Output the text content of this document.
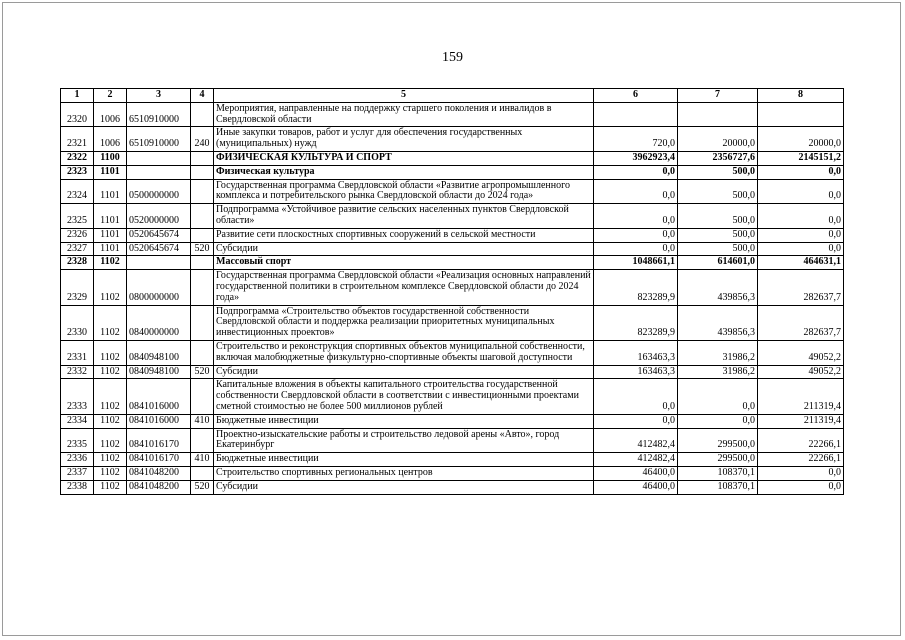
159
1	2	3	4	5	6	7	8
2320	1006	6510910000		Мероприятия, направленные на поддержку старшего поколения и инвалидов в Свердловской области			
2321	1006	6510910000	240	Иные закупки товаров, работ и услуг для обеспечения государственных (муниципальных) нужд	720,0	20000,0	20000,0
2322	1100			ФИЗИЧЕСКАЯ КУЛЬТУРА И СПОРТ	3962923,4	2356727,6	2145151,2
2323	1101			Физическая культура	0,0	500,0	0,0
2324	1101	0500000000		Государственная программа Свердловской области «Развитие агропромышленного комплекса и потребительского рынка Свердловской области до 2024 года»	0,0	500,0	0,0
2325	1101	0520000000		Подпрограмма «Устойчивое развитие сельских населенных пунктов Свердловской области»	0,0	500,0	0,0
2326	1101	0520645674		Развитие сети плоскостных спортивных сооружений в сельской местности	0,0	500,0	0,0
2327	1101	0520645674	520	Субсидии	0,0	500,0	0,0
2328	1102			Массовый спорт	1048661,1	614601,0	464631,1
2329	1102	0800000000		Государственная программа Свердловской области «Реализация основных направлений государственной политики в строительном комплексе Свердловской области до 2024 года»	823289,9	439856,3	282637,7
2330	1102	0840000000		Подпрограмма «Строительство объектов государственной собственности Свердловской области и поддержка реализации приоритетных муниципальных инвестиционных проектов»	823289,9	439856,3	282637,7
2331	1102	0840948100		Строительство и реконструкция спортивных объектов муниципальной собственности, включая малобюджетные физкультурно-спортивные объекты шаговой доступности	163463,3	31986,2	49052,2
2332	1102	0840948100	520	Субсидии	163463,3	31986,2	49052,2
2333	1102	0841016000		Капитальные вложения в объекты капитального строительства государственной собственности Свердловской области в соответствии с инвестиционными проектами сметной стоимостью не более 500 миллионов рублей	0,0	0,0	211319,4
2334	1102	0841016000	410	Бюджетные инвестиции	0,0	0,0	211319,4
2335	1102	0841016170		Проектно-изыскательские работы и строительство ледовой арены «Авто», город Екатеринбург	412482,4	299500,0	22266,1
2336	1102	0841016170	410	Бюджетные инвестиции	412482,4	299500,0	22266,1
2337	1102	0841048200		Строительство спортивных региональных центров	46400,0	108370,1	0,0
2338	1102	0841048200	520	Субсидии	46400,0	108370,1	0,0
